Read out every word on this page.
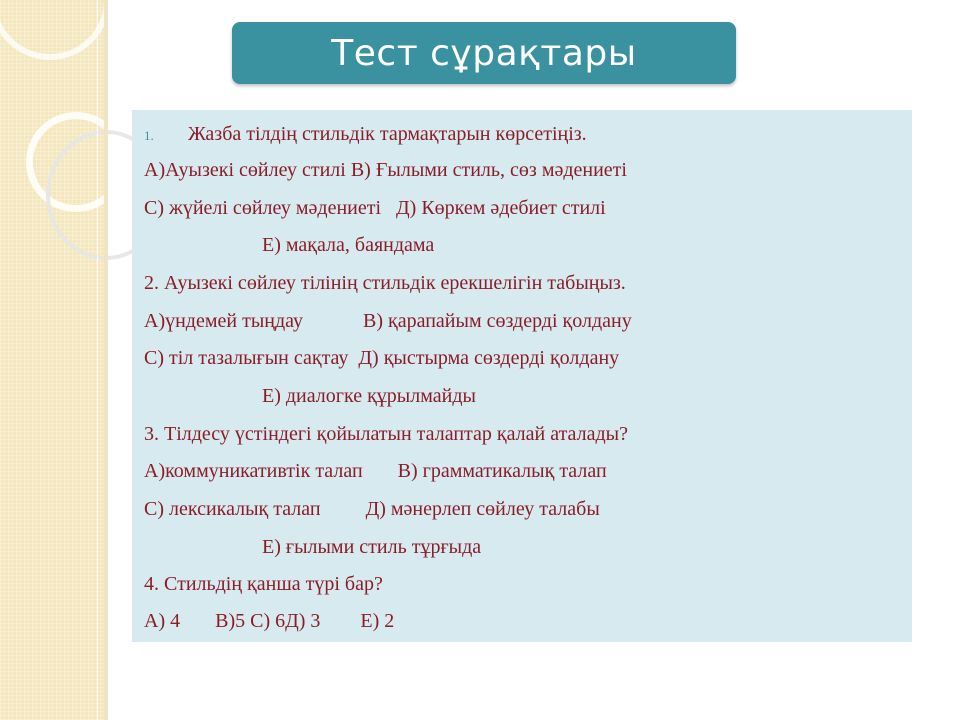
Тест сұрақтары
1. Жазба тілдің стильдік тармақтарын көрсетіңіз.
А)Ауызекі сөйлеу стилі В) Ғылыми стиль, сөз мәдениеті
С) жүйелі сөйлеу мәдениеті   Д) Көркем әдебиет стилі
Е) мақала, баяндама
2. Ауызекі сөйлеу тілінің стильдік ерекшелігін табыңыз.
А)үндемей тыңдау            В) қарапайым сөздерді қолдану
С) тіл тазалығын сақтау  Д) қыстырма сөздерді қолдану
Е) диалогке құрылмайды
3. Тілдесу үстіндегі қойылатын талаптар қалай аталады?
А)коммуникативтік талап       В) грамматикалық талап
С) лексикалық талап         Д) мәнерлеп сөйлеу талабы
Е) ғылыми стиль тұрғыда
4. Стильдің қанша түрі бар?
А) 4       В)5 С) 6Д) 3        Е) 2
